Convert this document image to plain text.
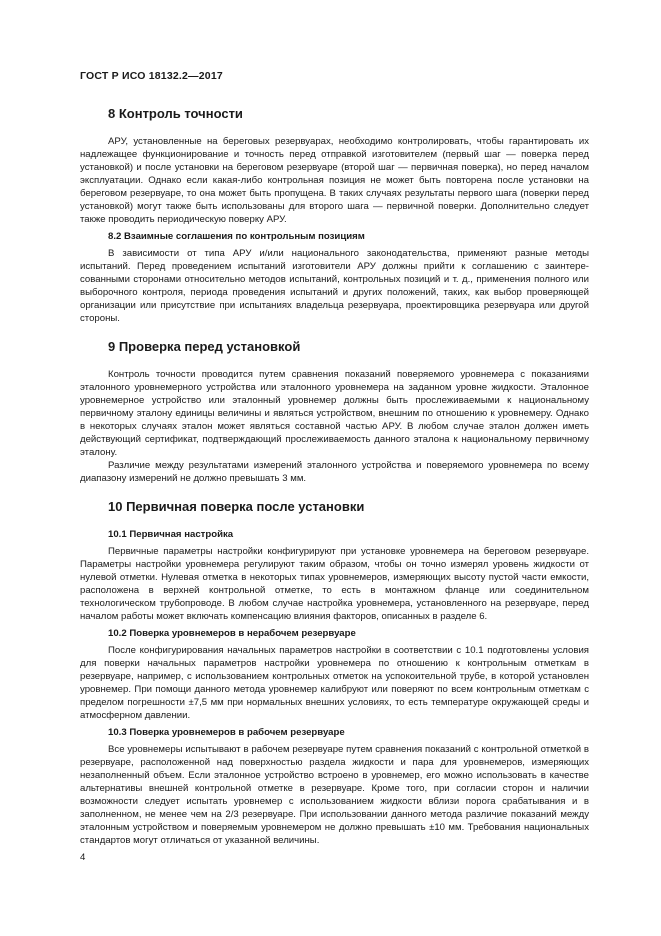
ГОСТ Р ИСО 18132.2—2017
8 Контроль точности

АРУ, установленные на береговых резервуарах, необходимо контролировать, чтобы гарантировать их надлежащее функционирование и точность перед отправкой изготовителем (первый шаг — поверка перед установкой) и после установки на береговом резервуаре (второй шаг — первичная поверка), но перед началом эксплуатации. Однако если какая-либо контрольная позиция не может быть повторена после установки на береговом резервуаре, то она может быть пропущена. В таких случаях результаты первого шага (поверки перед установкой) могут также быть использованы для второго шага — первичной поверки. Дополнительно следует также проводить периодическую поверку АРУ.

8.2 Взаимные соглашения по контрольным позициям

В зависимости от типа АРУ и/или национального законодательства, применяют разные методы испытаний. Перед проведением испытаний изготовители АРУ должны прийти к соглашению с заинтересованными сторонами относительно методов испытаний, контрольных позиций и т. д., применения полного или выборочного контроля, периода проведения испытаний и других положений, таких, как выбор проверяющей организации или присутствие при испытаниях владельца резервуара, проектировщика резервуара или другой стороны.

9 Проверка перед установкой

Контроль точности проводится путем сравнения показаний поверяемого уровнемера с показаниями эталонного уровнемерного устройства или эталонного уровнемера на заданном уровне жидкости. Эталонное уровнемерное устройство или эталонный уровнемер должны быть прослеживаемыми к национальному первичному эталону единицы величины и являться устройством, внешним по отношению к уровнемеру. Однако в некоторых случаях эталон может являться составной частью АРУ. В любом случае эталон должен иметь действующий сертификат, подтверждающий прослеживаемость данного эталона к национальному первичному эталону.

Различие между результатами измерений эталонного устройства и поверяемого уровнемера по всему диапазону измерений не должно превышать 3 мм.

10 Первичная поверка после установки
10.1 Первичная настройка

Первичные параметры настройки конфигурируют при установке уровнемера на береговом резервуаре. Параметры настройки уровнемера регулируют таким образом, чтобы он точно измерял уровень жидкости от нулевой отметки. Нулевая отметка в некоторых типах уровнемеров, измеряющих высоту пустой части емкости, расположена в верхней контрольной отметке, то есть в монтажном фланце или соединительном технологическом трубопроводе. В любом случае настройка уровнемера, установленного на резервуаре, перед началом работы может включать компенсацию влияния факторов, описанных в разделе 6.

10.2 Поверка уровнемеров в нерабочем резервуаре

После конфигурирования начальных параметров настройки в соответствии с 10.1 подготовлены условия для поверки начальных параметров настройки уровнемера по отношению к контрольным отметкам в резервуаре, например, с использованием контрольных отметок на успокоительной трубе, в которой установлен уровнемер. При помощи данного метода уровнемер калибруют или поверяют по всем контрольным отметкам с пределом погрешности ±7,5 мм при нормальных внешних условиях, то есть температуре окружающей среды и атмосферном давлении.

10.3 Поверка уровнемеров в рабочем резервуаре

Все уровнемеры испытывают в рабочем резервуаре путем сравнения показаний с контрольной отметкой в резервуаре, расположенной над поверхностью раздела жидкости и пара для уровнемеров, измеряющих незаполненный объем. Если эталонное устройство встроено в уровнемер, его можно использовать в качестве альтернативы внешней контрольной отметке в резервуаре. Кроме того, при согласии сторон и наличии возможности следует испытать уровнемер с использованием жидкости вблизи порога срабатывания и в заполненном, не менее чем на 2/3 резервуаре. При использовании данного метода различие показаний между эталонным устройством и поверяемым уровнемером не должно превышать ±10 мм. Требования национальных стандартов могут отличаться от указанной величины.

4
